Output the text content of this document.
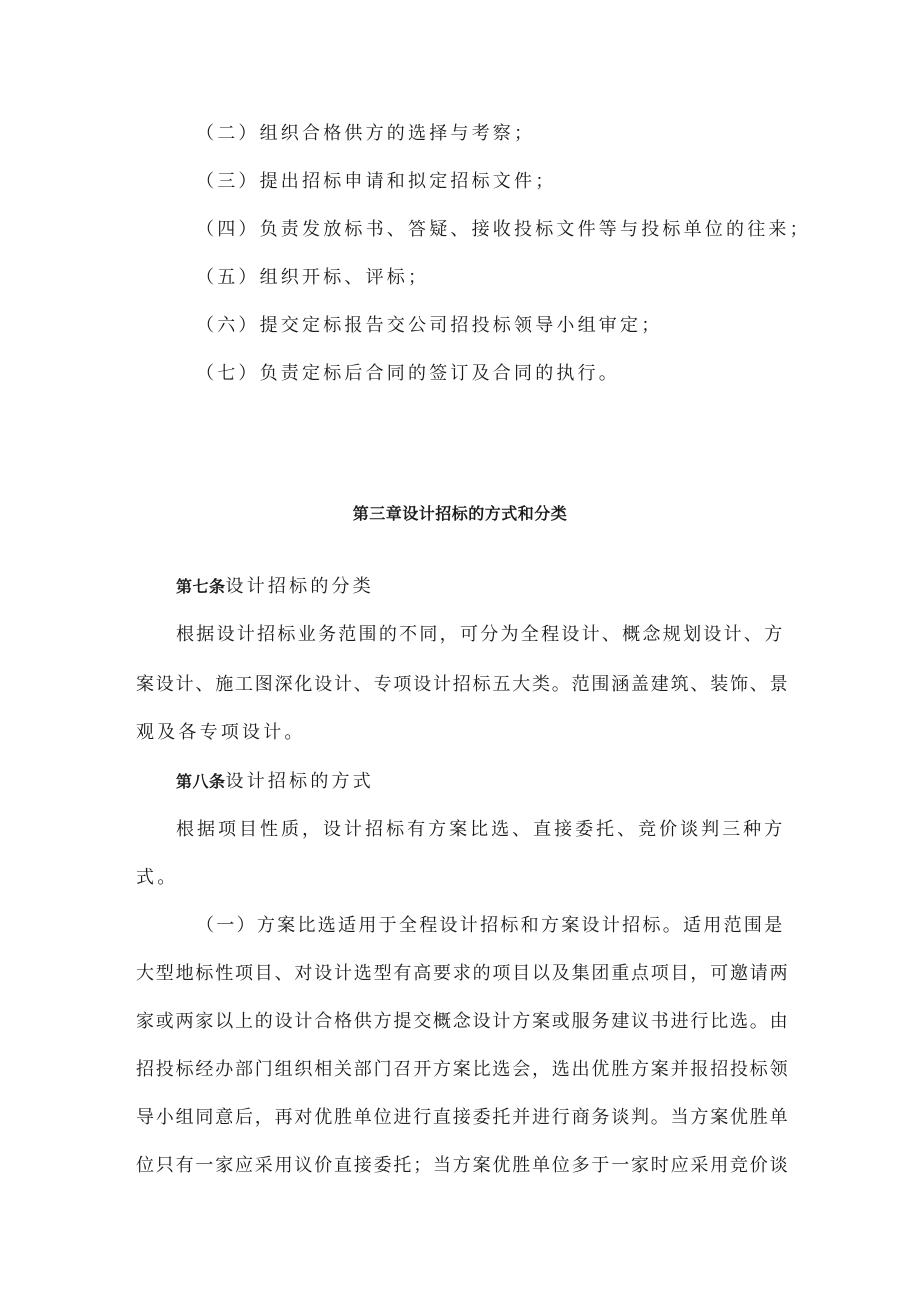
（二）组织合格供方的选择与考察；
（三）提出招标申请和拟定招标文件；
（四）负责发放标书、答疑、接收投标文件等与投标单位的往来；
（五）组织开标、评标；
（六）提交定标报告交公司招投标领导小组审定；
（七）负责定标后合同的签订及合同的执行。
第三章设计招标的方式和分类
第七条设计招标的分类
根据设计招标业务范围的不同，可分为全程设计、概念规划设计、方
案设计、施工图深化设计、专项设计招标五大类。范围涵盖建筑、装饰、景
观及各专项设计。
第八条设计招标的方式
根据项目性质，设计招标有方案比选、直接委托、竞价谈判三种方
式。
（一）方案比选适用于全程设计招标和方案设计招标。适用范围是
大型地标性项目、对设计选型有高要求的项目以及集团重点项目，可邀请两
家或两家以上的设计合格供方提交概念设计方案或服务建议书进行比选。由
招投标经办部门组织相关部门召开方案比选会，选出优胜方案并报招投标领
导小组同意后，再对优胜单位进行直接委托并进行商务谈判。当方案优胜单
位只有一家应采用议价直接委托；当方案优胜单位多于一家时应采用竞价谈
